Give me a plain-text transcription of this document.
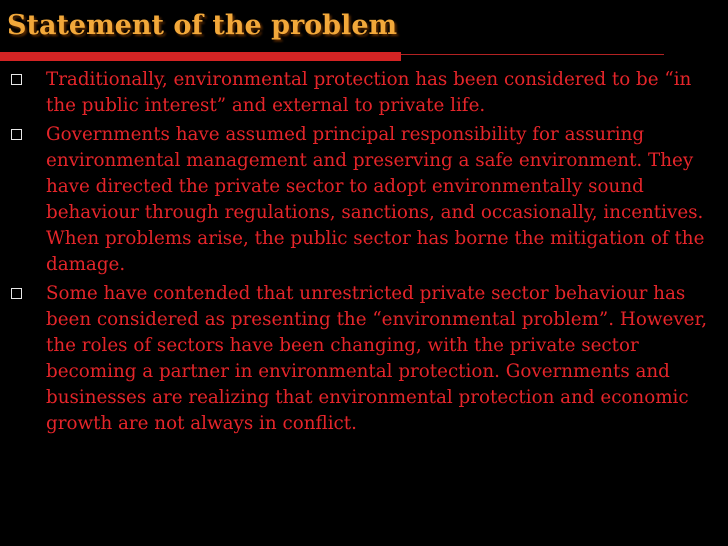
Statement of the problem
Traditionally, environmental protection has been considered to be “in the public interest” and external to private life.
Governments have assumed principal responsibility for assuring environmental management and preserving a safe environment. They have directed the private sector to adopt environmentally sound behaviour through regulations, sanctions, and occasionally, incentives. When problems arise, the public sector has borne the mitigation of the damage.
Some have contended that unrestricted private sector behaviour has been considered as presenting the “environmental problem”. However, the roles of sectors have been changing, with the private sector becoming a partner in environmental protection. Governments and businesses are realizing that environmental protection and economic growth are not always in conflict.
